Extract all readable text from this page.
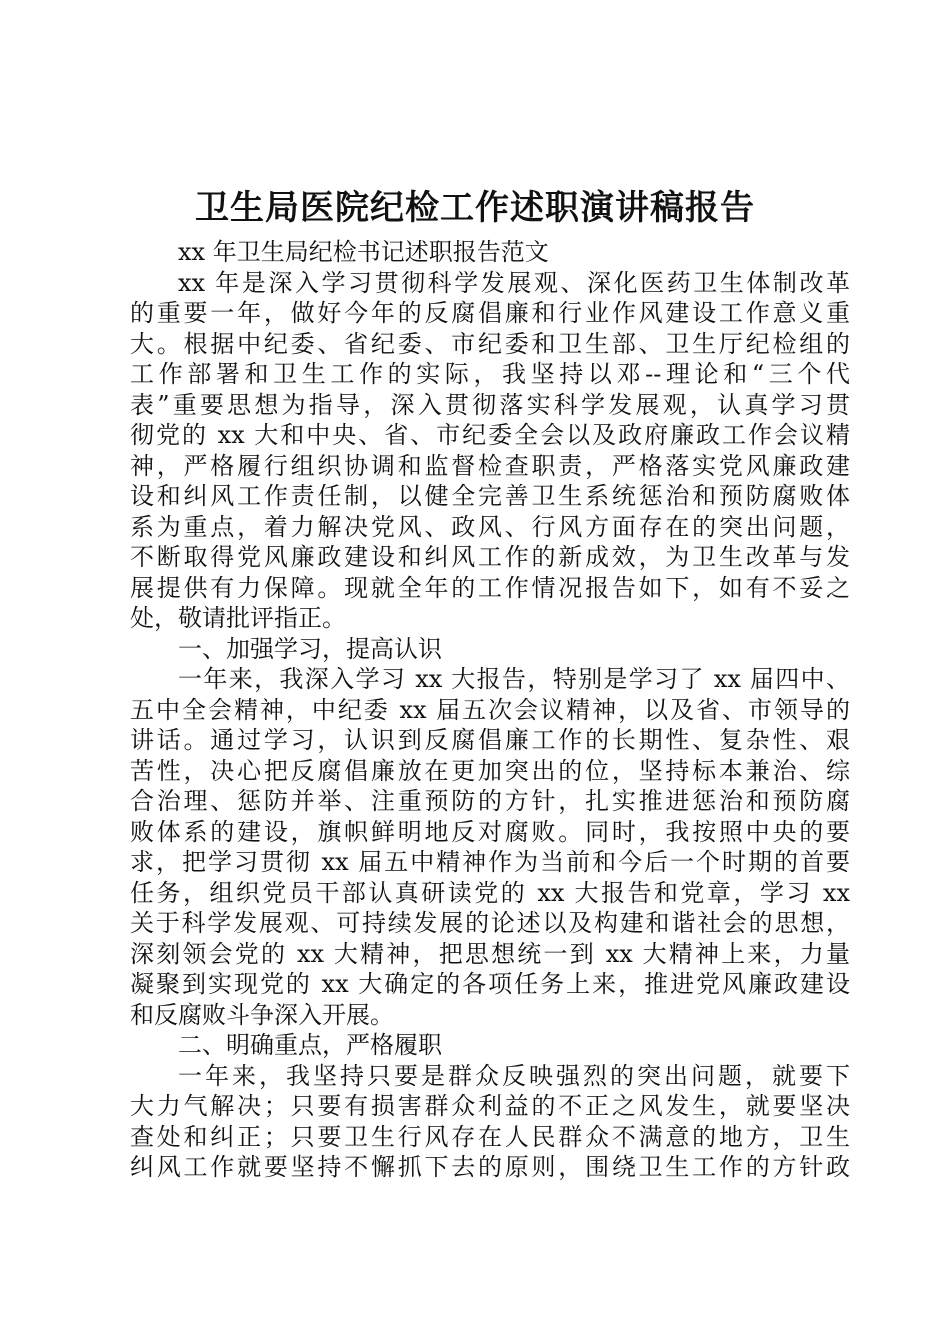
卫生局医院纪检工作述职演讲稿报告
xx 年卫生局纪检书记述职报告范文
xx 年是深入学习贯彻科学发展观、深化医药卫生体制改革
的重要一年，做好今年的反腐倡廉和行业作风建设工作意义重
大。根据中纪委、省纪委、市纪委和卫生部、卫生厅纪检组的
工作部署和卫生工作的实际，我坚持以邓--理论和“三个代
表”重要思想为指导，深入贯彻落实科学发展观，认真学习贯
彻党的 xx 大和中央、省、市纪委全会以及政府廉政工作会议精
神，严格履行组织协调和监督检查职责，严格落实党风廉政建
设和纠风工作责任制，以健全完善卫生系统惩治和预防腐败体
系为重点，着力解决党风、政风、行风方面存在的突出问题，
不断取得党风廉政建设和纠风工作的新成效，为卫生改革与发
展提供有力保障。现就全年的工作情况报告如下，如有不妥之
处，敬请批评指正。
一、加强学习，提高认识
一年来，我深入学习 xx 大报告，特别是学习了 xx 届四中、
五中全会精神，中纪委 xx 届五次会议精神，以及省、市领导的
讲话。通过学习，认识到反腐倡廉工作的长期性、复杂性、艰
苦性，决心把反腐倡廉放在更加突出的位，坚持标本兼治、综
合治理、惩防并举、注重预防的方针，扎实推进惩治和预防腐
败体系的建设，旗帜鲜明地反对腐败。同时，我按照中央的要
求，把学习贯彻 xx 届五中精神作为当前和今后一个时期的首要
任务，组织党员干部认真研读党的 xx 大报告和党章，学习 xx
关于科学发展观、可持续发展的论述以及构建和谐社会的思想，
深刻领会党的 xx 大精神，把思想统一到 xx 大精神上来，力量
凝聚到实现党的 xx 大确定的各项任务上来，推进党风廉政建设
和反腐败斗争深入开展。
二、明确重点，严格履职
一年来，我坚持只要是群众反映强烈的突出问题，就要下
大力气解决；只要有损害群众利益的不正之风发生，就要坚决
查处和纠正；只要卫生行风存在人民群众不满意的地方，卫生
纠风工作就要坚持不懈抓下去的原则，围绕卫生工作的方针政
